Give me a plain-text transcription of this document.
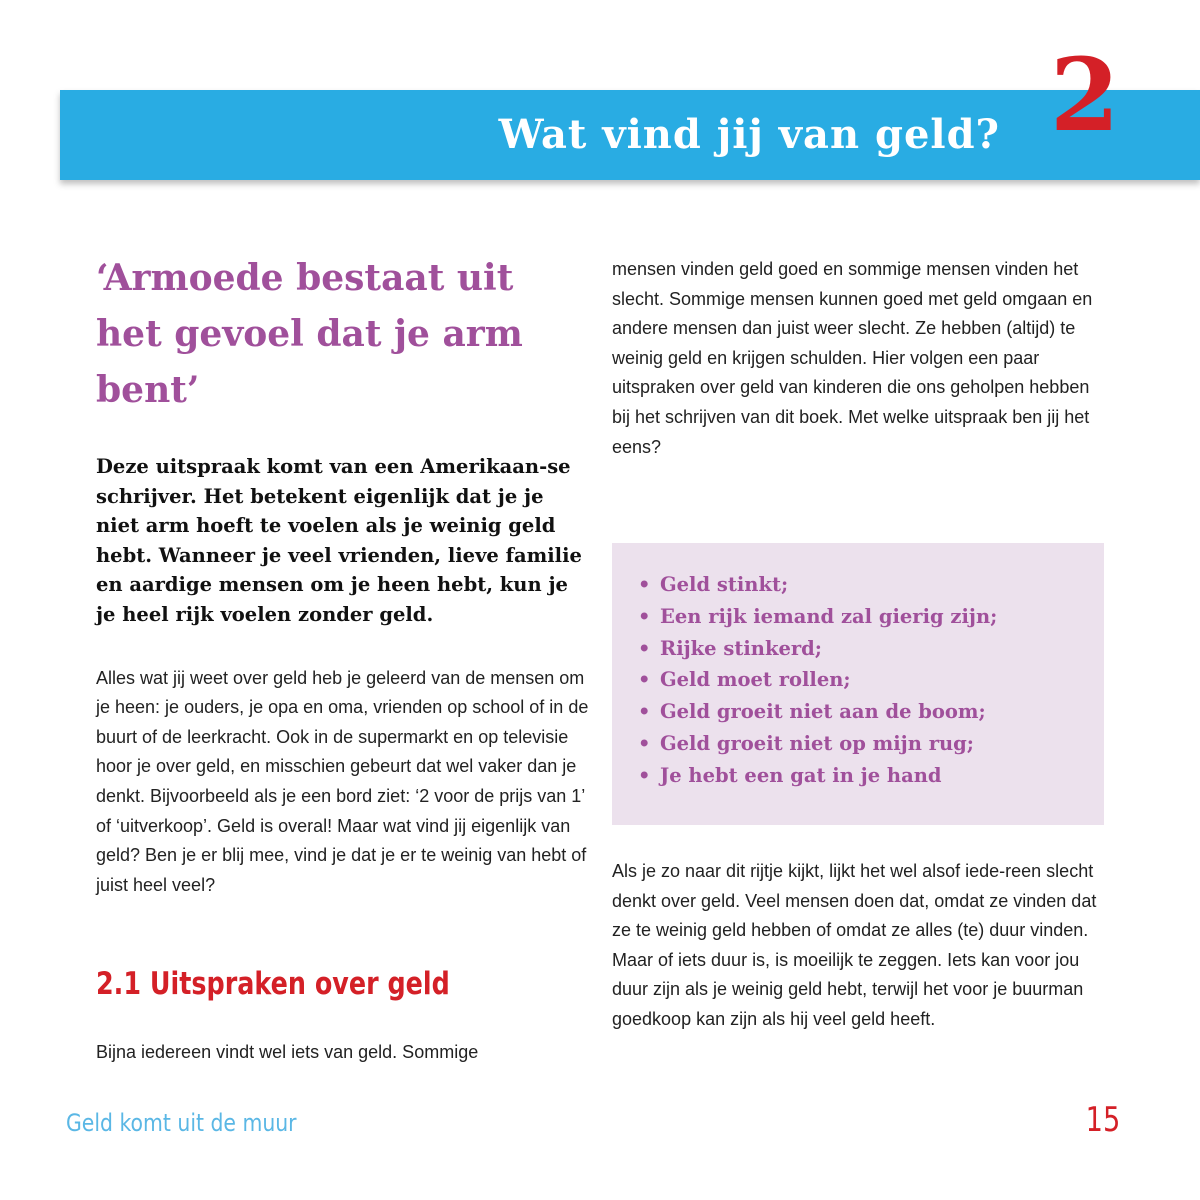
Wat vind jij van geld? 2
‘Armoede bestaat uit het gevoel dat je arm bent’

Deze uitspraak komt van een Amerikaan-se schrijver. Het betekent eigenlijk dat je je niet arm hoeft te voelen als je weinig geld hebt. Wanneer je veel vrienden, lieve familie en aardige mensen om je heen hebt, kun je je heel rijk voelen zonder geld.

Alles wat jij weet over geld heb je geleerd van de mensen om je heen: je ouders, je opa en oma, vrienden op school of in de buurt of de leerkracht. Ook in de supermarkt en op televisie hoor je over geld, en misschien gebeurt dat wel vaker dan je denkt. Bijvoorbeeld als je een bord ziet: ‘2 voor de prijs van 1’ of ‘uitverkoop’. Geld is overal! Maar wat vind jij eigenlijk van geld? Ben je er blij mee, vind je dat je er te weinig van hebt of juist heel veel?

2.1 Uitspraken over geld

Bijna iedereen vindt wel iets van geld. Sommige

mensen vinden geld goed en sommige mensen vinden het slecht. Sommige mensen kunnen goed met geld omgaan en andere mensen dan juist weer slecht. Ze hebben (altijd) te weinig geld en krijgen schulden. Hier volgen een paar uitspraken over geld van kinderen die ons geholpen hebben bij het schrijven van dit boek. Met welke uitspraak ben jij het eens?

• Geld stinkt;
• Een rijk iemand zal gierig zijn;
• Rijke stinkerd;
• Geld moet rollen;
• Geld groeit niet aan de boom;
• Geld groeit niet op mijn rug;
• Je hebt een gat in je hand

Als je zo naar dit rijtje kijkt, lijkt het wel alsof iede-reen slecht denkt over geld. Veel mensen doen dat, omdat ze vinden dat ze te weinig geld hebben of omdat ze alles (te) duur vinden. Maar of iets duur is, is moeilijk te zeggen. Iets kan voor jou duur zijn als je weinig geld hebt, terwijl het voor je buurman goedkoop kan zijn als hij veel geld heeft.

Geld komt uit de muur	15
